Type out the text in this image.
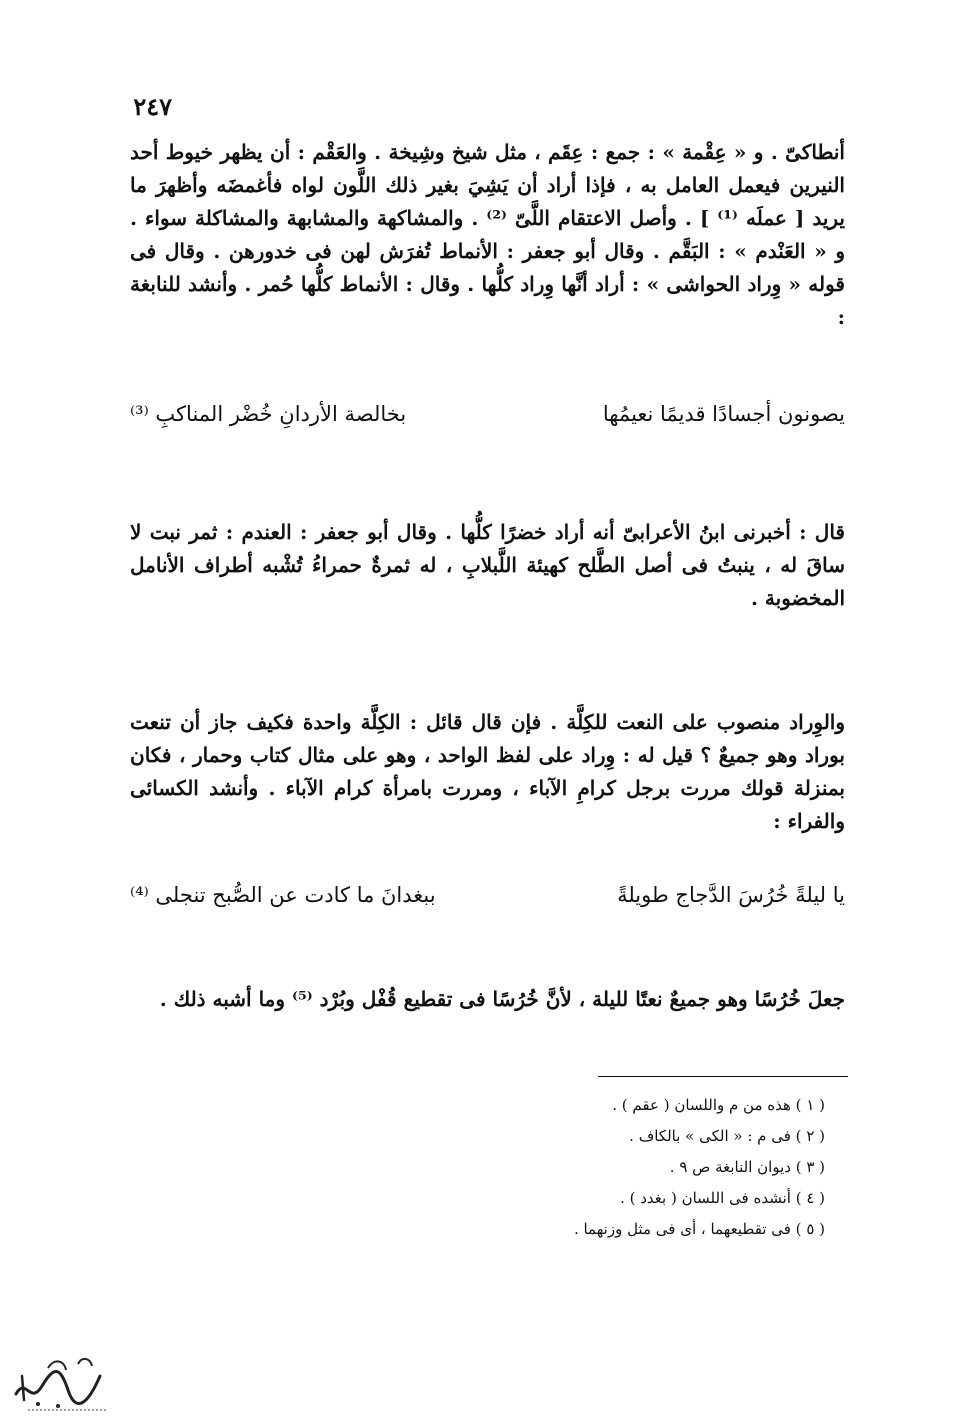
٢٤٧

أنطاكىّ . و « عِقْمة » : جمع : عِقَم ، مثل شيخ وشِيخة . والعَقْم : أن يظهر خيوط أحد النيرين فيعمل العامل به ، فإذا أراد أن يَشِيَ بغير ذلك اللَّون لواه فأغمضَه وأظهرَ ما يريد [ عملَه ⁽¹⁾ ] . وأصل الاعتقام اللَّىّ ⁽²⁾ . والمشاكهة والمشابهة والمشاكلة سواء . و « العَنْدم » : البَقَّم . وقال أبو جعفر : الأنماط تُفرَش لهن فى خدورهن . وقال فى قوله « وِراد الحواشى » : أراد أنَّها وِراد كلُّها . وقال : الأنماط كلُّها حُمر . وأنشد للنابغة :

يصونون أجسادًا قديمًا نعيمُها
بخالصة الأردانِ خُضْر المناكبِ ⁽³⁾

قال : أخبرنى ابنُ الأعرابىّ أنه أراد خضرًا كلُّها . وقال أبو جعفر : العندم : ثمر نبت لا ساقَ له ، ينبتُ فى أصل الطَّلح كهيئة اللَّبلابِ ، له ثمرةٌ حمراءُ تُشْبه أطراف الأنامل المخضوبة .

والوِراد منصوب على النعت للكِلَّة . فإن قال قائل : الكِلَّة واحدة فكيف جاز أن تنعت بوراد وهو جميعٌ ؟ قيل له : وِراد على لفظ الواحد ، وهو على مثال كتاب وحمار ، فكان بمنزلة قولك مررت برجل كرامِ الآباء ، ومررت بامرأة كرام الآباء . وأنشد الكسائى والفراء :

يا ليلةً خُرُسَ الدَّجاج طويلةً
ببغدانَ ما كادت عن الصُّبح تنجلى ⁽⁴⁾

جعلَ خُرُسًا وهو جميعٌ نعتًا لليلة ، لأنَّ خُرُسًا فى تقطيع قُفْل وبُرْد ⁽⁵⁾ وما أشبه ذلك .

( ١ ) هذه من م واللسان ( عقم ) .
( ٢ ) فى م : « الكى » بالكاف .
( ٣ ) ديوان النابغة ص ٩ .
( ٤ ) أنشده فى اللسان ( بغدد ) .
( ٥ ) فى تقطيعهما ، أى فى مثل وزنهما .
